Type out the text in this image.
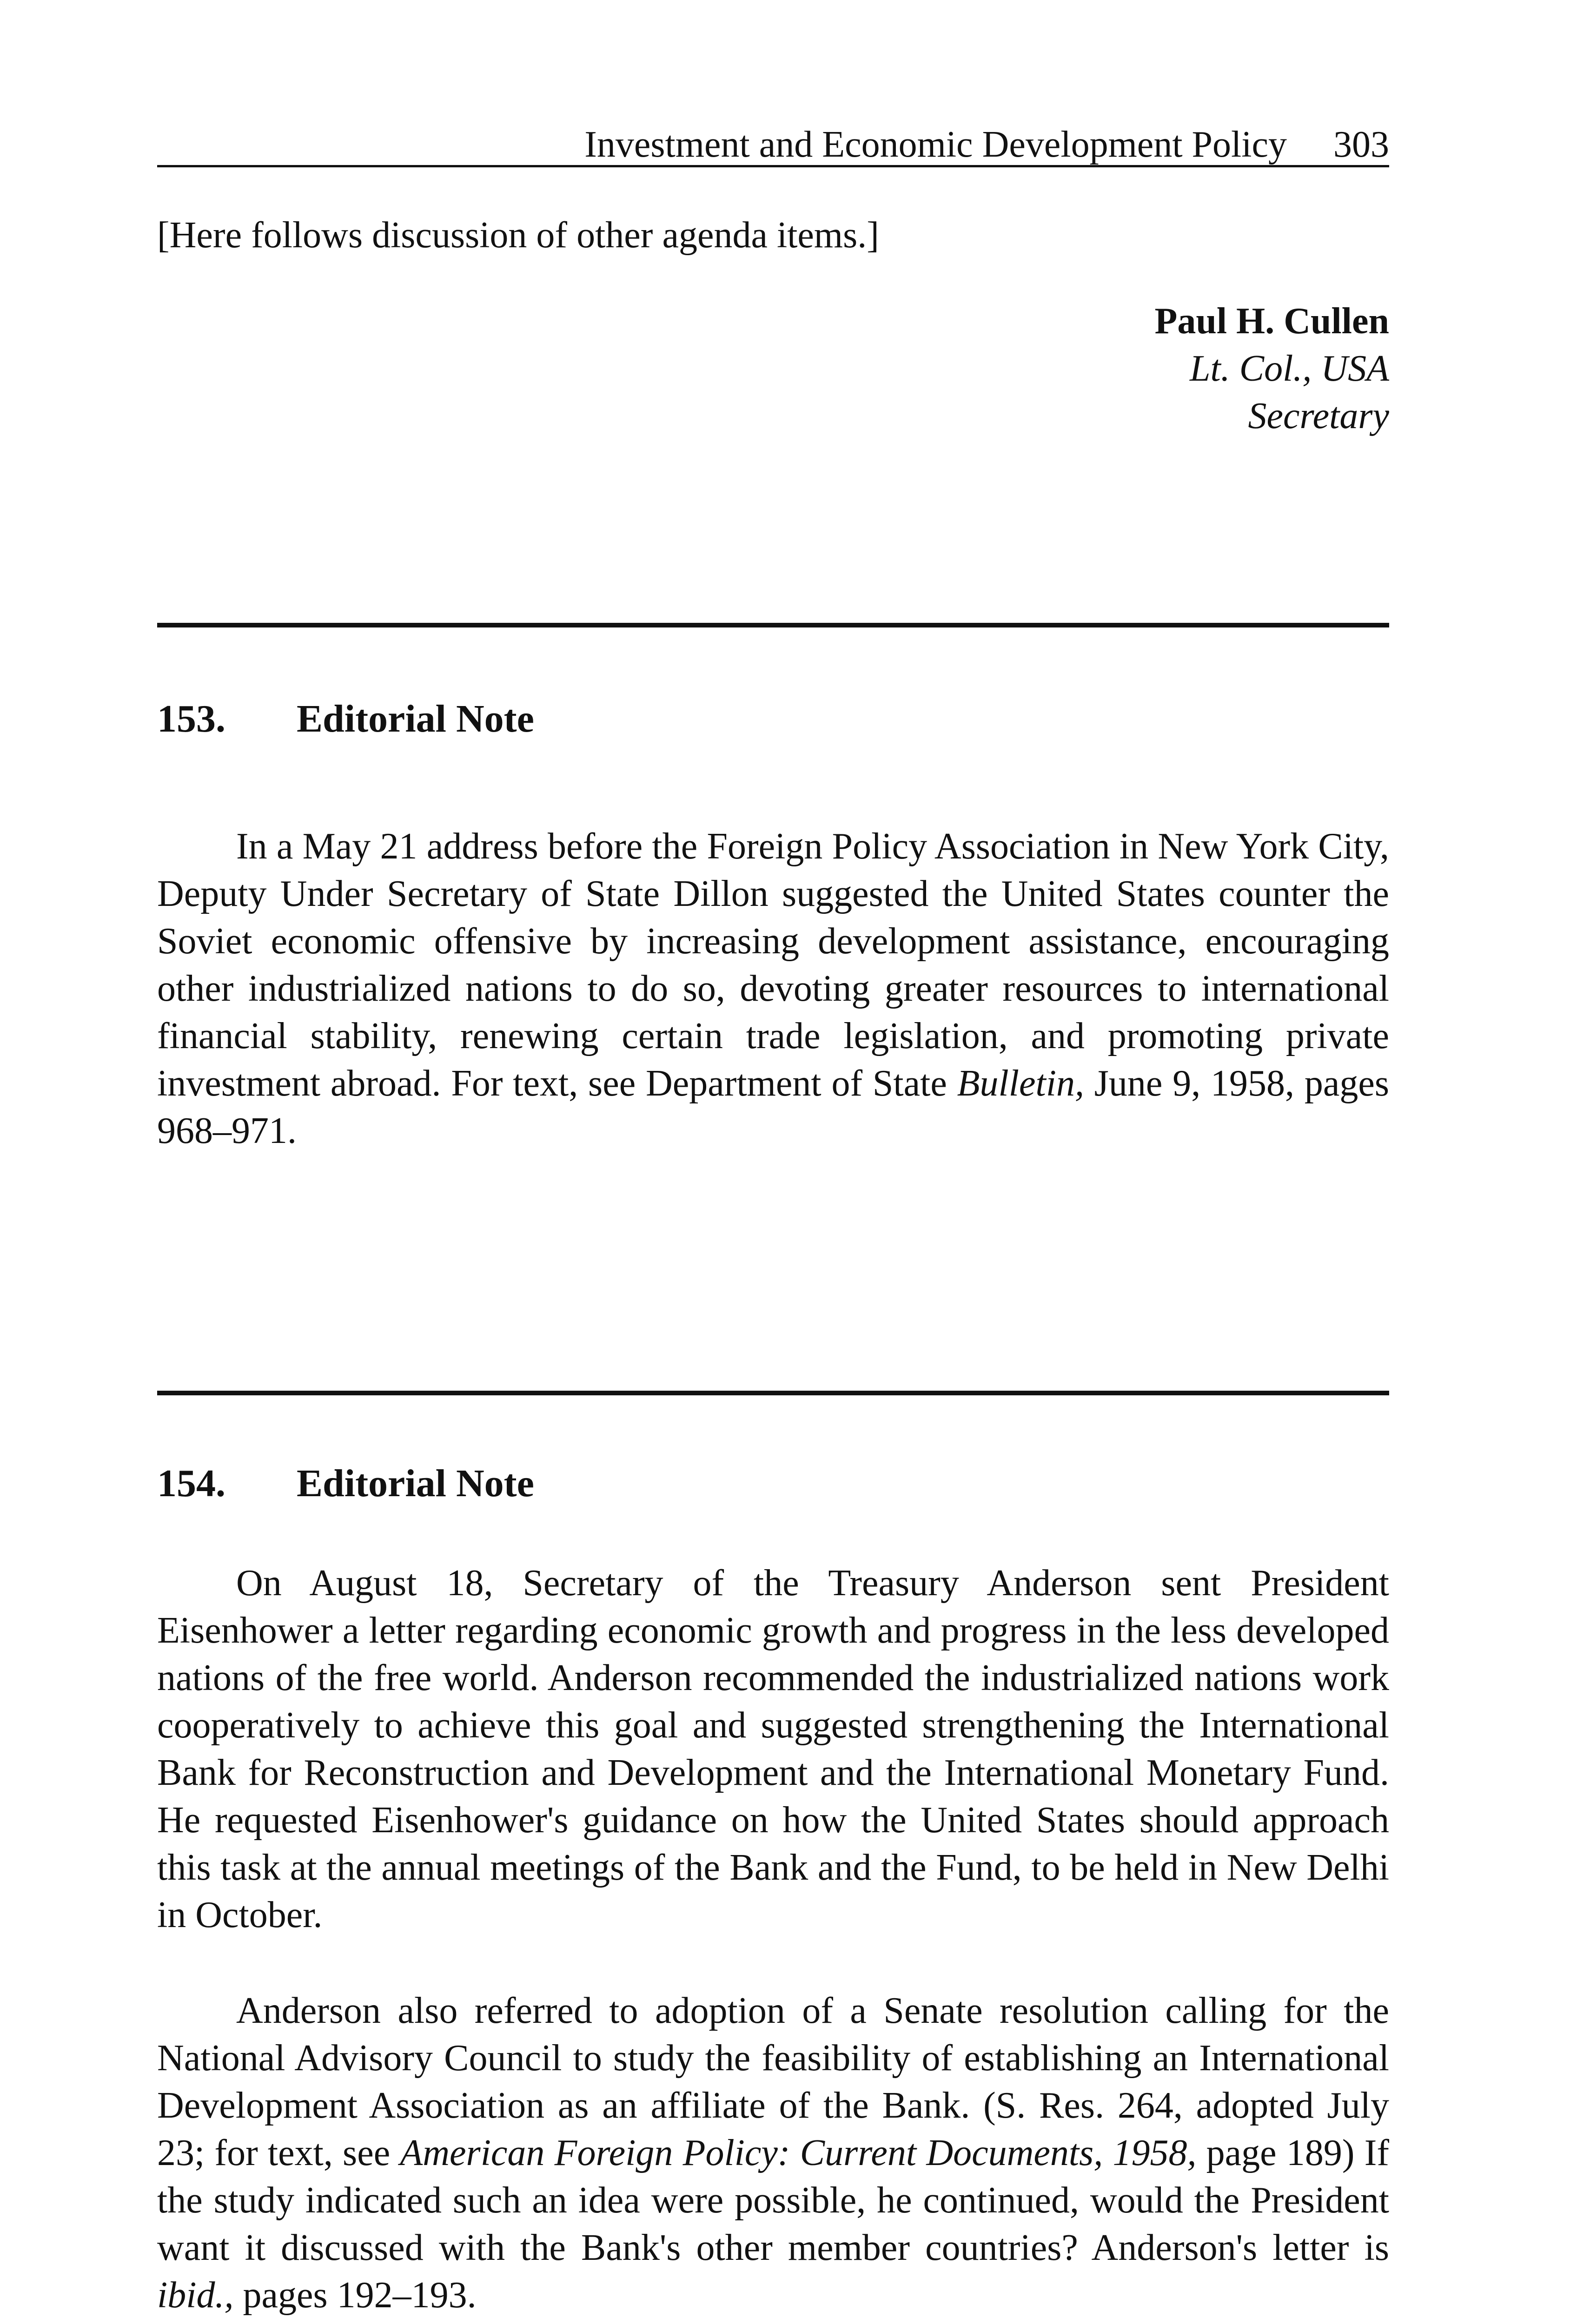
Investment and Economic Development Policy 303

[Here follows discussion of other agenda items.]

Paul H. Cullen
Lt. Col., USA
Secretary
153. Editorial Note

In a May 21 address before the Foreign Policy Association in New York City, Deputy Under Secretary of State Dillon suggested the United States counter the Soviet economic offensive by increasing development assistance, encouraging other industrialized nations to do so, devoting greater resources to international financial stability, renewing certain trade legislation, and promoting private investment abroad. For text, see Department of State Bulletin, June 9, 1958, pages 968–971.

154. Editorial Note

On August 18, Secretary of the Treasury Anderson sent President Eisenhower a letter regarding economic growth and progress in the less developed nations of the free world. Anderson recommended the industrialized nations work cooperatively to achieve this goal and suggested strengthening the International Bank for Reconstruction and Development and the International Monetary Fund. He requested Eisenhower's guidance on how the United States should approach this task at the annual meetings of the Bank and the Fund, to be held in New Delhi in October.

Anderson also referred to adoption of a Senate resolution calling for the National Advisory Council to study the feasibility of establishing an International Development Association as an affiliate of the Bank. (S. Res. 264, adopted July 23; for text, see American Foreign Policy: Current Documents, 1958, page 189) If the study indicated such an idea were possible, he continued, would the President want it discussed with the Bank's other member countries? Anderson's letter is ibid., pages 192–193.
